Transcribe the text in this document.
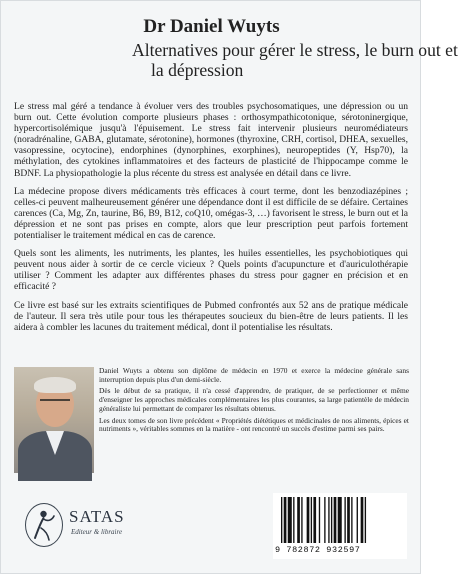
Dr Daniel Wuyts
Alternatives pour gérer le stress, le burn out et
la dépression

Le stress mal géré a tendance à évoluer vers des troubles psychosomatiques, une dépression ou un burn out. Cette évolution comporte plusieurs phases : orthosympathicotonique, sérotoninergique, hypercortisolémique jusqu'à l'épuisement. Le stress fait intervenir plusieurs neuromédiateurs (noradrénaline, GABA, glutamate, sérotonine), hormones (thyroxine, CRH, cortisol, DHEA, sexuelles, vasopressine, ocytocine), endorphines (dynorphines, exorphines), neuropeptides (Y, Hsp70), la méthylation, des cytokines inflammatoires et des facteurs de plasticité de l'hippocampe comme le BDNF. La physiopathologie la plus récente du stress est analysée en détail dans ce livre.

La médecine propose divers médicaments très efficaces à court terme, dont les benzodiazépines ; celles-ci peuvent malheureusement générer une dépendance dont il est difficile de se défaire. Certaines carences (Ca, Mg, Zn, taurine, B6, B9, B12, coQ10, omégas-3, …) favorisent le stress, le burn out et la dépression et ne sont pas prises en compte, alors que leur prescription peut parfois fortement potentialiser le traitement médical en cas de carence.

Quels sont les aliments, les nutriments, les plantes, les huiles essentielles, les psychobiotiques qui peuvent nous aider à sortir de ce cercle vicieux ? Quels points d'acupuncture et d'auriculothérapie utiliser ? Comment les adapter aux différentes phases du stress pour gagner en précision et en efficacité ?

Ce livre est basé sur les extraits scientifiques de Pubmed confrontés aux 52 ans de pratique médicale de l'auteur. Il sera très utile pour tous les thérapeutes soucieux du bien-être de leurs patients. Il les aidera à combler les lacunes du traitement médical, dont il potentialise les résultats.

Daniel Wuyts a obtenu son diplôme de médecin en 1970 et exerce la médecine générale sans interruption depuis plus d'un demi-siècle.

Dès le début de sa pratique, il n'a cessé d'apprendre, de pratiquer, de se perfectionner et même d'enseigner les approches médicales complémentaires les plus courantes, sa large patientèle de médecin généraliste lui permettant de comparer les résultats obtenus.

Les deux tomes de son livre précédent « Propriétés diététiques et médicinales de nos aliments, épices et nutriments », véritables sommes en la matière - ont rencontré un succès d'estime parmi ses pairs.

SATAS
Editeur & libraire
9 782872 932597
